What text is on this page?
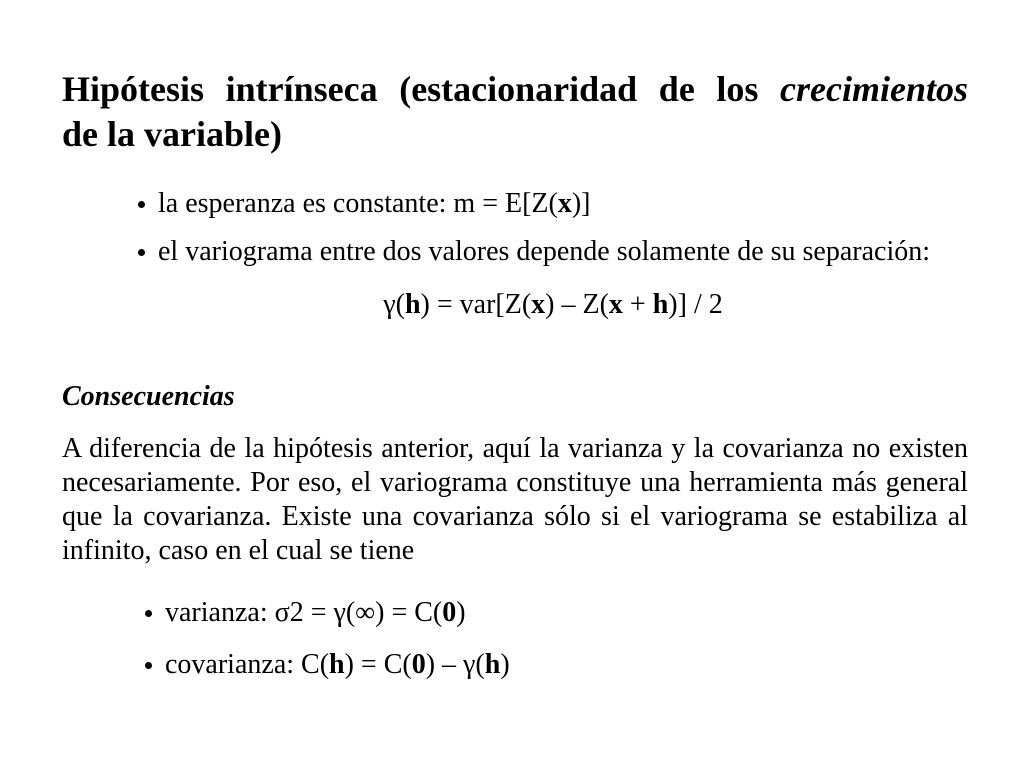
Hipótesis intrínseca (estacionaridad de los crecimientos
de la variable)
la esperanza es constante: m = E[Z(x)]
el variograma entre dos valores depende solamente de su separación:
γ(h) = var[Z(x) – Z(x + h)] / 2
Consecuencias
A diferencia de la hipótesis anterior, aquí la varianza y la covarianza no existen necesariamente. Por eso, el variograma constituye una herramienta más general que la covarianza. Existe una covarianza sólo si el variograma se estabiliza al infinito, caso en el cual se tiene
varianza: σ2 = γ(∞) = C(0)
covarianza: C(h) = C(0) – γ(h)
